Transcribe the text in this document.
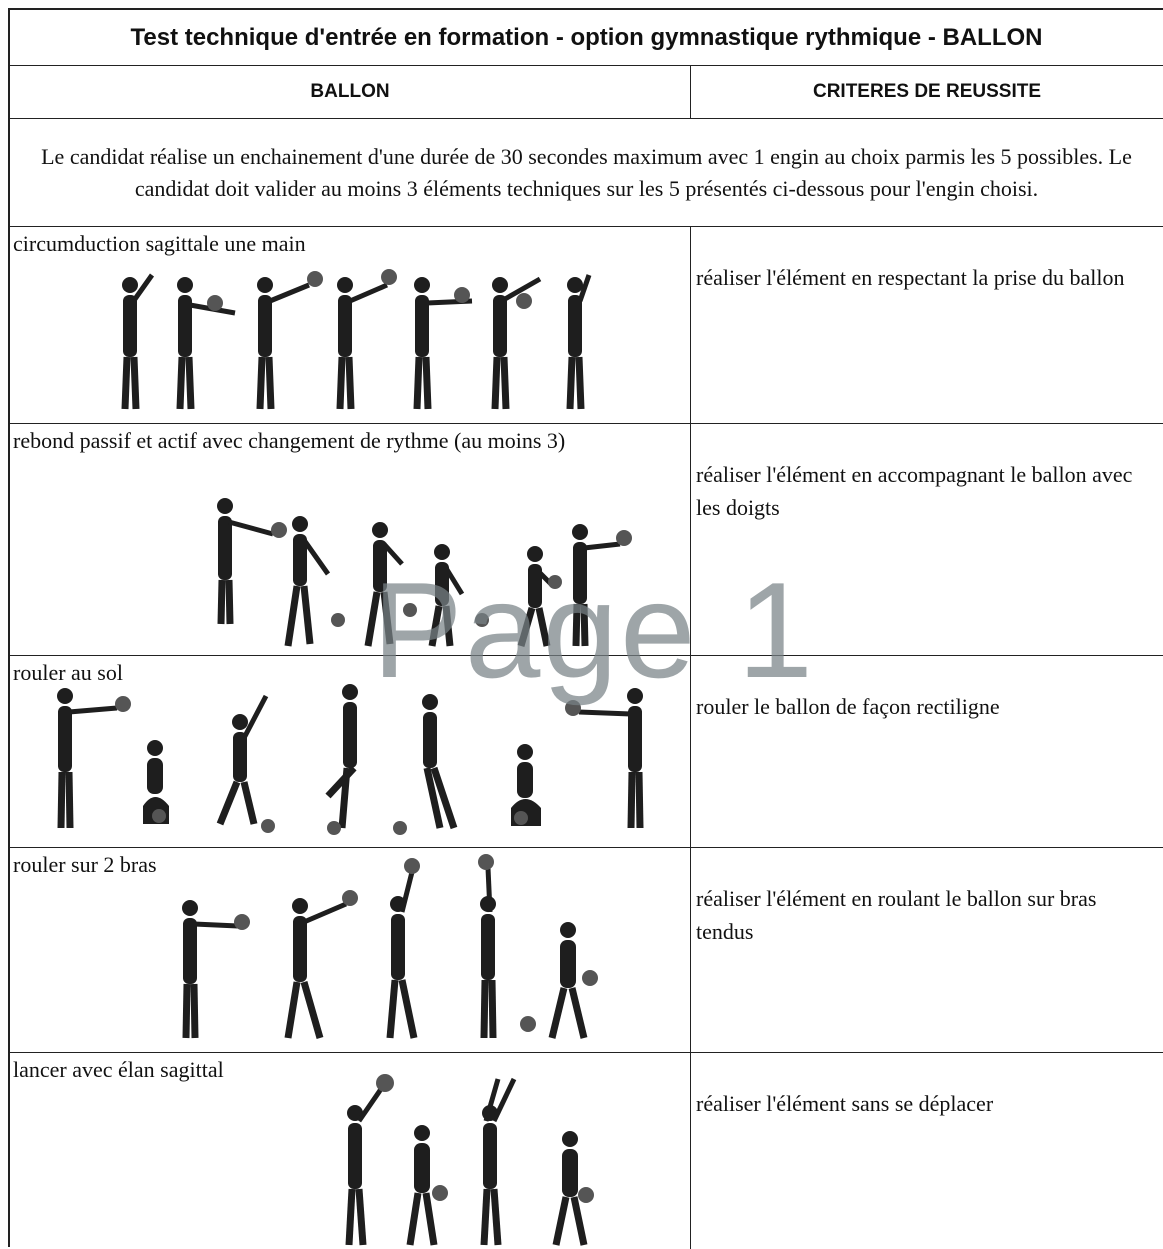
Test technique d'entrée en formation - option gymnastique rythmique - BALLON
BALLON	CRITERES DE REUSSITE
Le candidat réalise un enchainement d'une durée de 30 secondes maximum avec 1 engin au choix parmis les 5 possibles. Le candidat doit valider au moins 3 éléments techniques sur les 5 présentés ci-dessous pour l'engin choisi.
circumduction sagittale une main
réaliser l'élément en respectant la prise du ballon
rebond passif et actif avec changement de rythme (au moins 3)
réaliser l'élément en accompagnant le ballon avec les doigts
rouler au sol
rouler le ballon de façon rectiligne
rouler sur 2 bras
réaliser l'élément en roulant le ballon sur bras tendus
lancer avec élan sagittal
réaliser l'élément sans se déplacer
Page 1
